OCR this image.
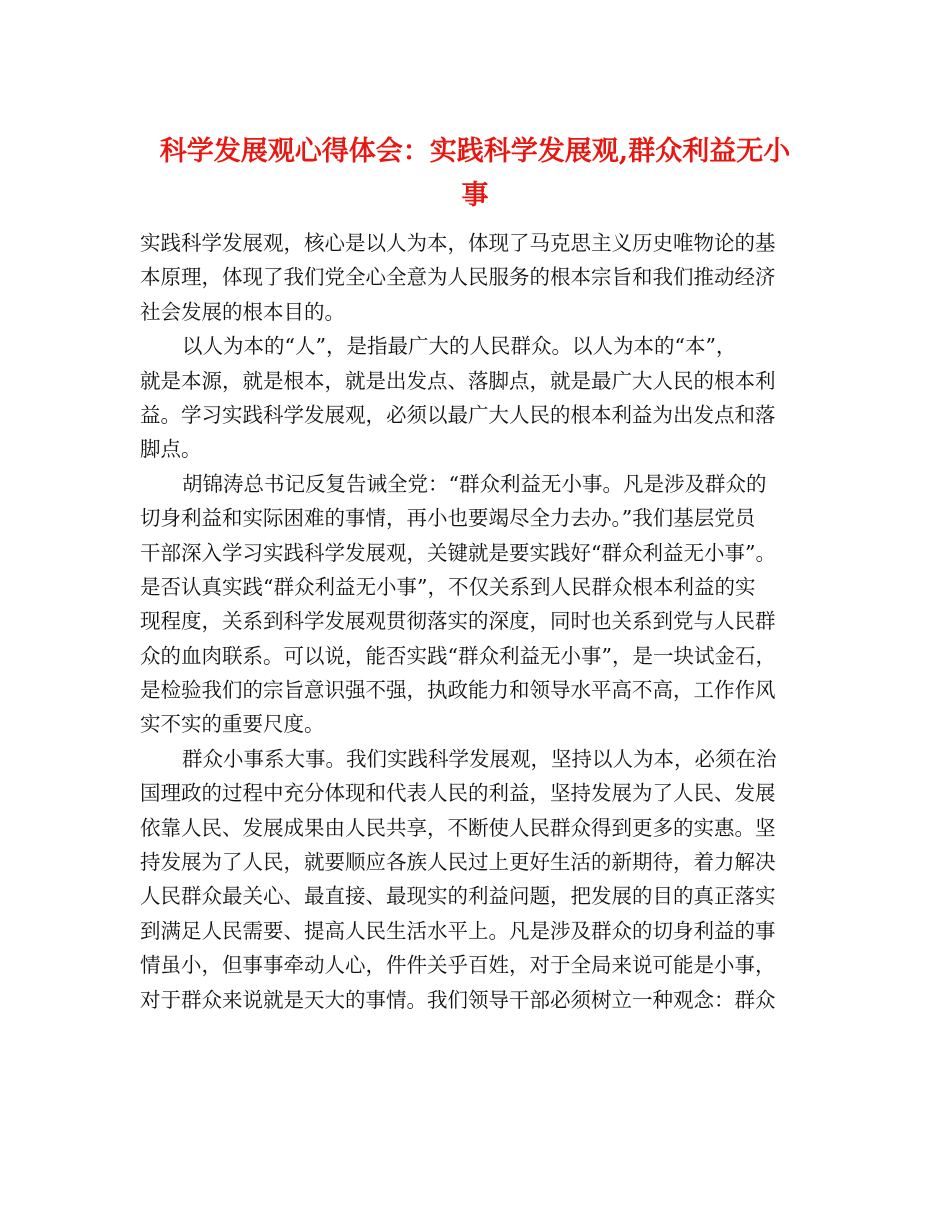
科学发展观心得体会：实践科学发展观,群众利益无小
事
实践科学发展观，核心是以人为本，体现了马克思主义历史唯物论的基
本原理，体现了我们党全心全意为人民服务的根本宗旨和我们推动经济
社会发展的根本目的。
以人为本的“人”，是指最广大的人民群众。以人为本的“本”，
就是本源，就是根本，就是出发点、落脚点，就是最广大人民的根本利
益。学习实践科学发展观，必须以最广大人民的根本利益为出发点和落
脚点。
胡锦涛总书记反复告诫全党：“群众利益无小事。凡是涉及群众的
切身利益和实际困难的事情，再小也要竭尽全力去办。”我们基层党员
干部深入学习实践科学发展观，关键就是要实践好“群众利益无小事”。
是否认真实践“群众利益无小事”，不仅关系到人民群众根本利益的实
现程度，关系到科学发展观贯彻落实的深度，同时也关系到党与人民群
众的血肉联系。可以说，能否实践“群众利益无小事”，是一块试金石，
是检验我们的宗旨意识强不强，执政能力和领导水平高不高，工作作风
实不实的重要尺度。
群众小事系大事。我们实践科学发展观，坚持以人为本，必须在治
国理政的过程中充分体现和代表人民的利益，坚持发展为了人民、发展
依靠人民、发展成果由人民共享，不断使人民群众得到更多的实惠。坚
持发展为了人民，就要顺应各族人民过上更好生活的新期待，着力解决
人民群众最关心、最直接、最现实的利益问题，把发展的目的真正落实
到满足人民需要、提高人民生活水平上。凡是涉及群众的切身利益的事
情虽小，但事事牵动人心，件件关乎百姓，对于全局来说可能是小事，
对于群众来说就是天大的事情。我们领导干部必须树立一种观念：群众
